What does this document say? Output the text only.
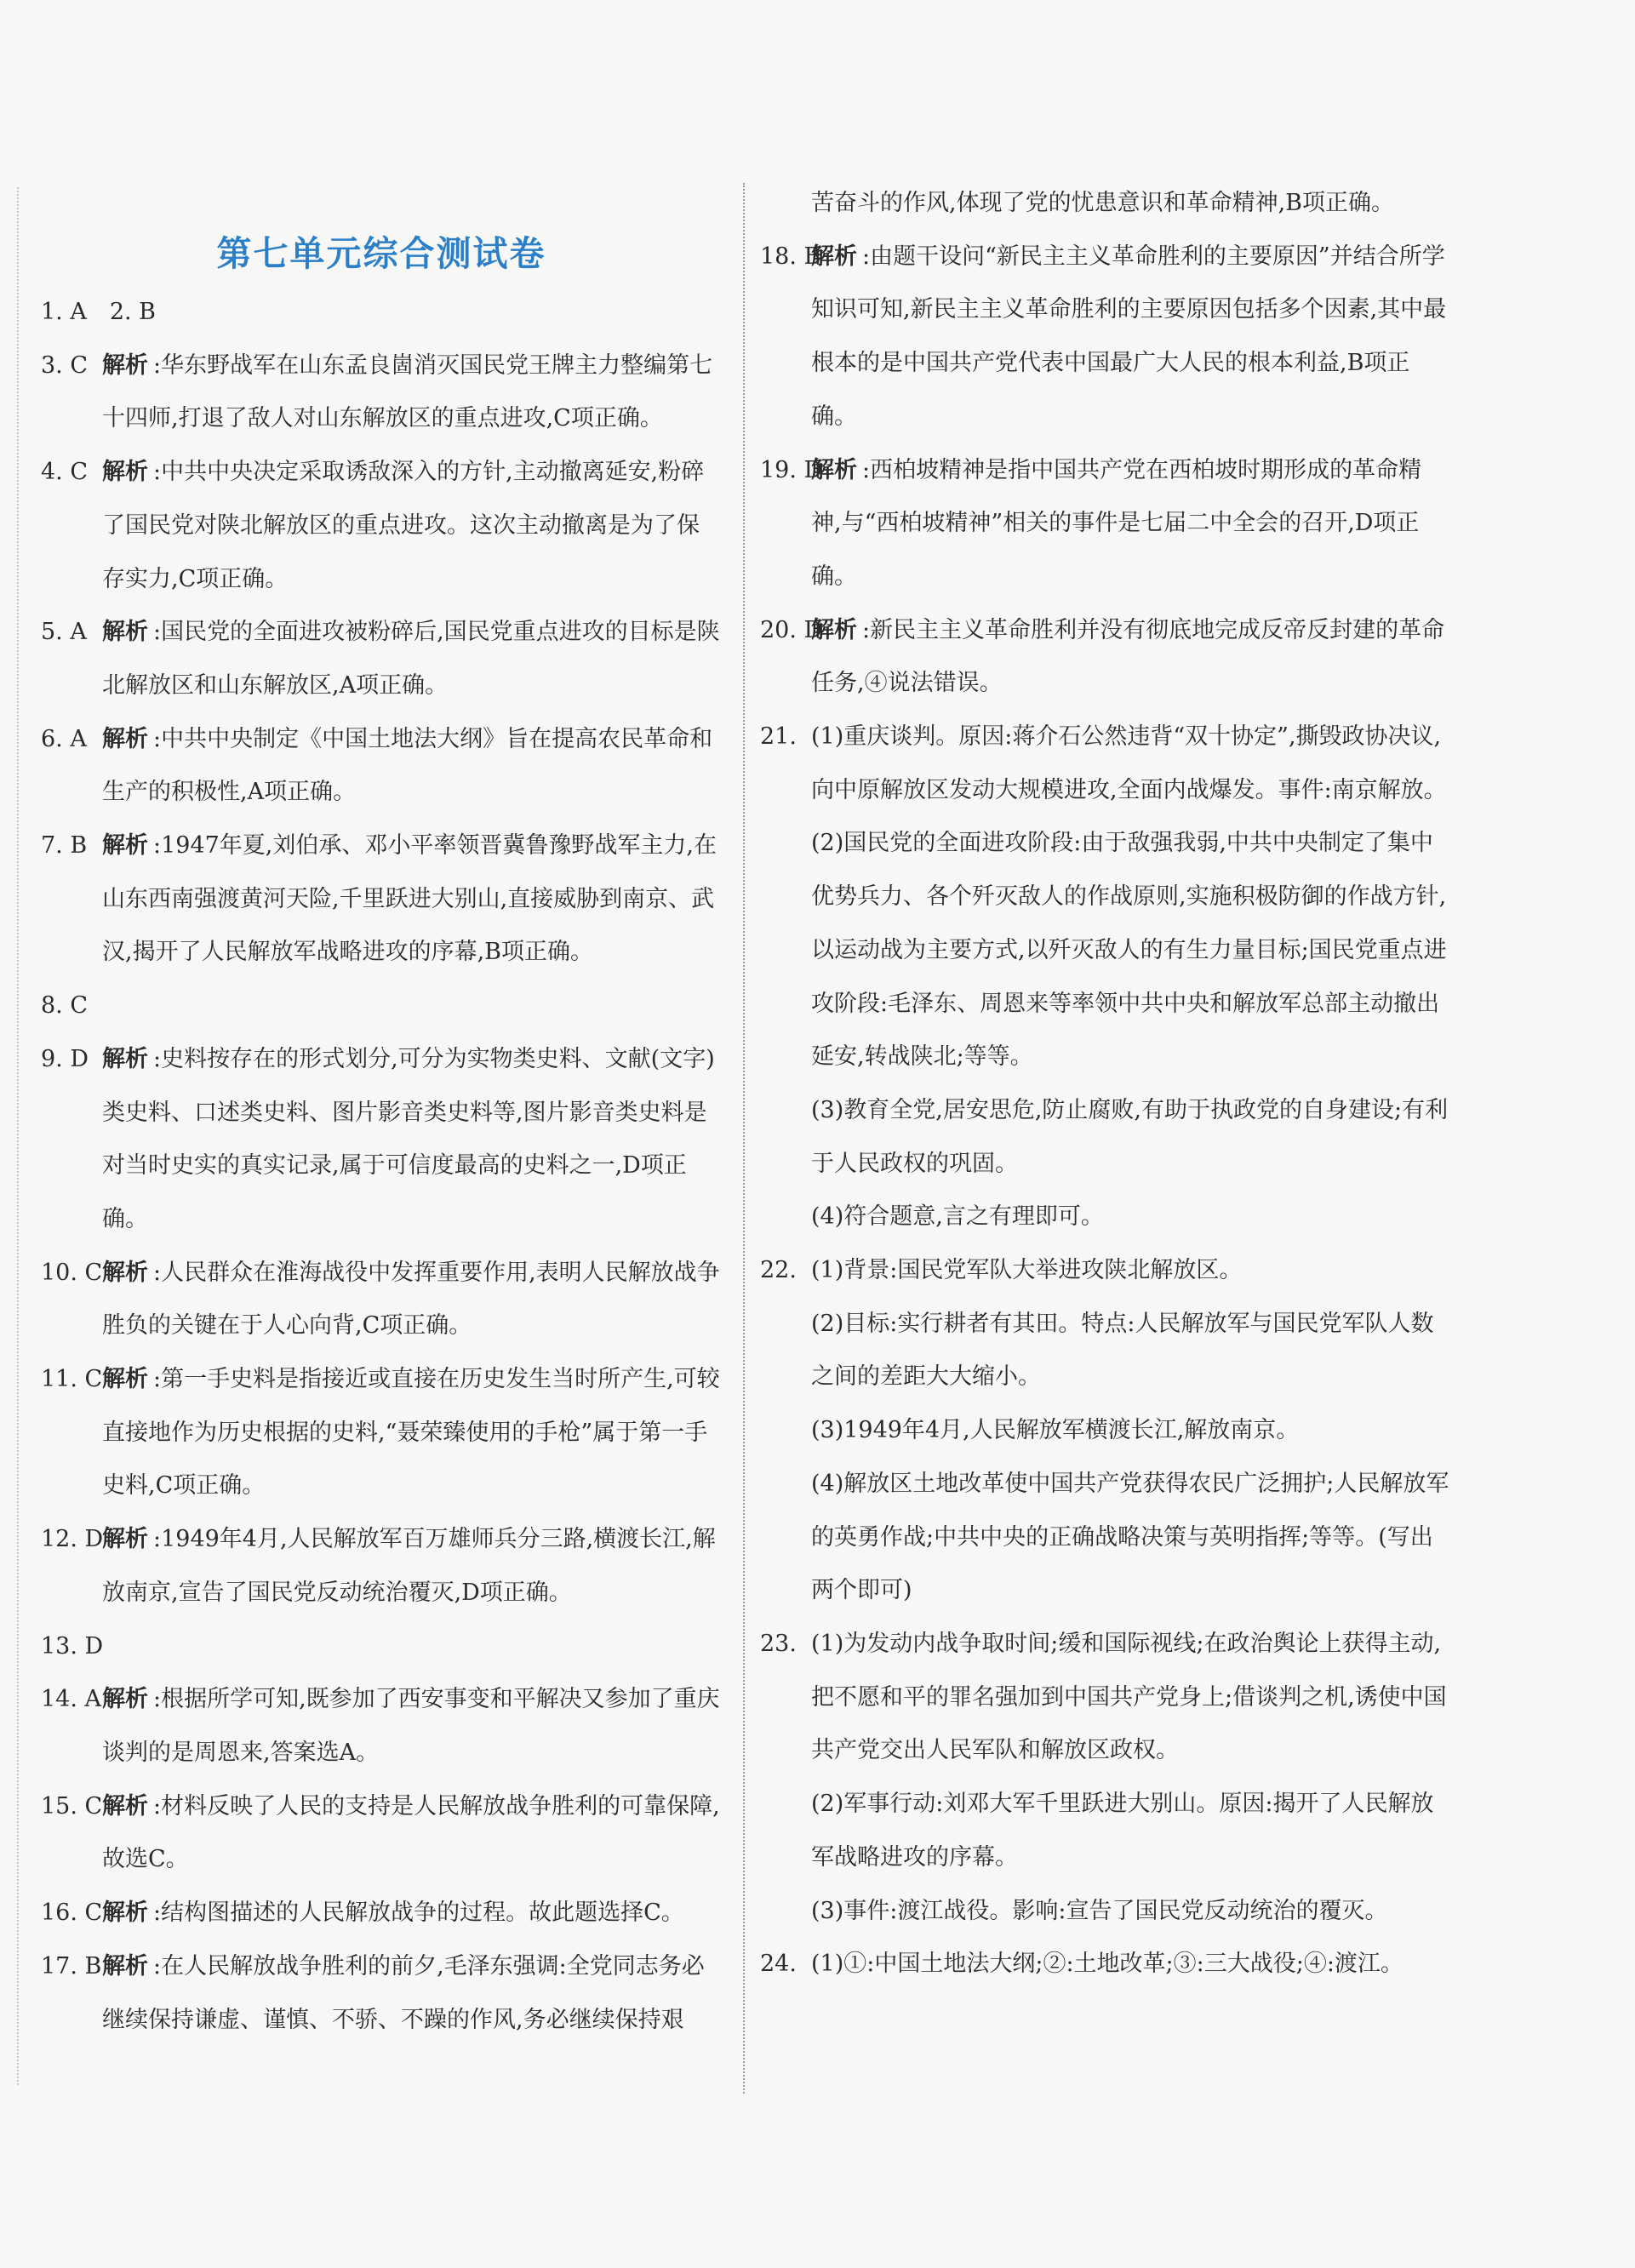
第七单元综合测试卷

1. A　2. B

3. C 解析 :华东野战军在山东孟良崮消灭国民党王牌主力整编第七十四师,打退了敌人对山东解放区的重点进攻,C项正确。

4. C 解析 :中共中央决定采取诱敌深入的方针,主动撤离延安,粉碎了国民党对陕北解放区的重点进攻。这次主动撤离是为了保存实力,C项正确。

5. A 解析 :国民党的全面进攻被粉碎后,国民党重点进攻的目标是陕北解放区和山东解放区,A项正确。

6. A 解析 :中共中央制定《中国土地法大纲》旨在提高农民革命和生产的积极性,A项正确。

7. B 解析 :1947年夏,刘伯承、邓小平率领晋冀鲁豫野战军主力,在山东西南强渡黄河天险,千里跃进大别山,直接威胁到南京、武汉,揭开了人民解放军战略进攻的序幕,B项正确。

8. C

9. D 解析 :史料按存在的形式划分,可分为实物类史料、文献(文字)类史料、口述类史料、图片影音类史料等,图片影音类史料是对当时史实的真实记录,属于可信度最高的史料之一,D项正确。

10. C 解析 :人民群众在淮海战役中发挥重要作用,表明人民解放战争胜负的关键在于人心向背,C项正确。

11. C 解析 :第一手史料是指接近或直接在历史发生当时所产生,可较直接地作为历史根据的史料,“聂荣臻使用的手枪”属于第一手史料,C项正确。

12. D
解析 :1949年4月,人民解放军百万雄师兵分三路,横渡长江,解放南京,宣告了国民党反动统治覆灭,D项正确。

13. D

14. A 解析 :根据所学可知,既参加了西安事变和平解决又参加了重庆谈判的是周恩来,答案选A。

15. C 解析 :材料反映了人民的支持是人民解放战争胜利的可靠保障,故选C。

16. C 解析 :结构图描述的人民解放战争的过程。故此题选择C。

17. B 解析 :在人民解放战争胜利的前夕,毛泽东强调:全党同志务必继续保持谦虚、谨慎、不骄、不躁的作风,务必继续保持艰

苦奋斗的作风,体现了党的忧患意识和革命精神,B项正确。

18. B
解析 :由题干设问“新民主主义革命胜利的主要原因”并结合所学知识可知,新民主主义革命胜利的主要原因包括多个因素,其中最根本的是中国共产党代表中国最广大人民的根本利益,B项正确。

19. D
解析 :西柏坡精神是指中国共产党在西柏坡时期形成的革命精神,与“西柏坡精神”相关的事件是七届二中全会的召开,D项正确。

20. D
解析 :新民主主义革命胜利并没有彻底地完成反帝反封建的革命任务,④说法错误。

21. (1)重庆谈判。原因:蒋介石公然违背“双十协定”,撕毁政协决议,向中原解放区发动大规模进攻,全面内战爆发。事件:南京解放。

(2)国民党的全面进攻阶段:由于敌强我弱,中共中央制定了集中优势兵力、各个歼灭敌人的作战原则,实施积极防御的作战方针,以运动战为主要方式,以歼灭敌人的有生力量目标;国民党重点进攻阶段:毛泽东、周恩来等率领中共中央和解放军总部主动撤出延安,转战陕北;等等。

(3)教育全党,居安思危,防止腐败,有助于执政党的自身建设;有利于人民政权的巩固。

(4)符合题意,言之有理即可。

22. (1)背景:国民党军队大举进攻陕北解放区。

(2)目标:实行耕者有其田。特点:人民解放军与国民党军队人数之间的差距大大缩小。

(3)1949年4月,人民解放军横渡长江,解放南京。

(4)解放区土地改革使中国共产党获得农民广泛拥护;人民解放军的英勇作战;中共中央的正确战略决策与英明指挥;等等。(写出两个即可)

23. (1)为发动内战争取时间;缓和国际视线;在政治舆论上获得主动,把不愿和平的罪名强加到中国共产党身上;借谈判之机,诱使中国共产党交出人民军队和解放区政权。

(2)军事行动:刘邓大军千里跃进大别山。原因:揭开了人民解放军战略进攻的序幕。

(3)事件:渡江战役。影响:宣告了国民党反动统治的覆灭。

24. (1)①:中国土地法大纲;②:土地改革;③:三大战役;④:渡江。
